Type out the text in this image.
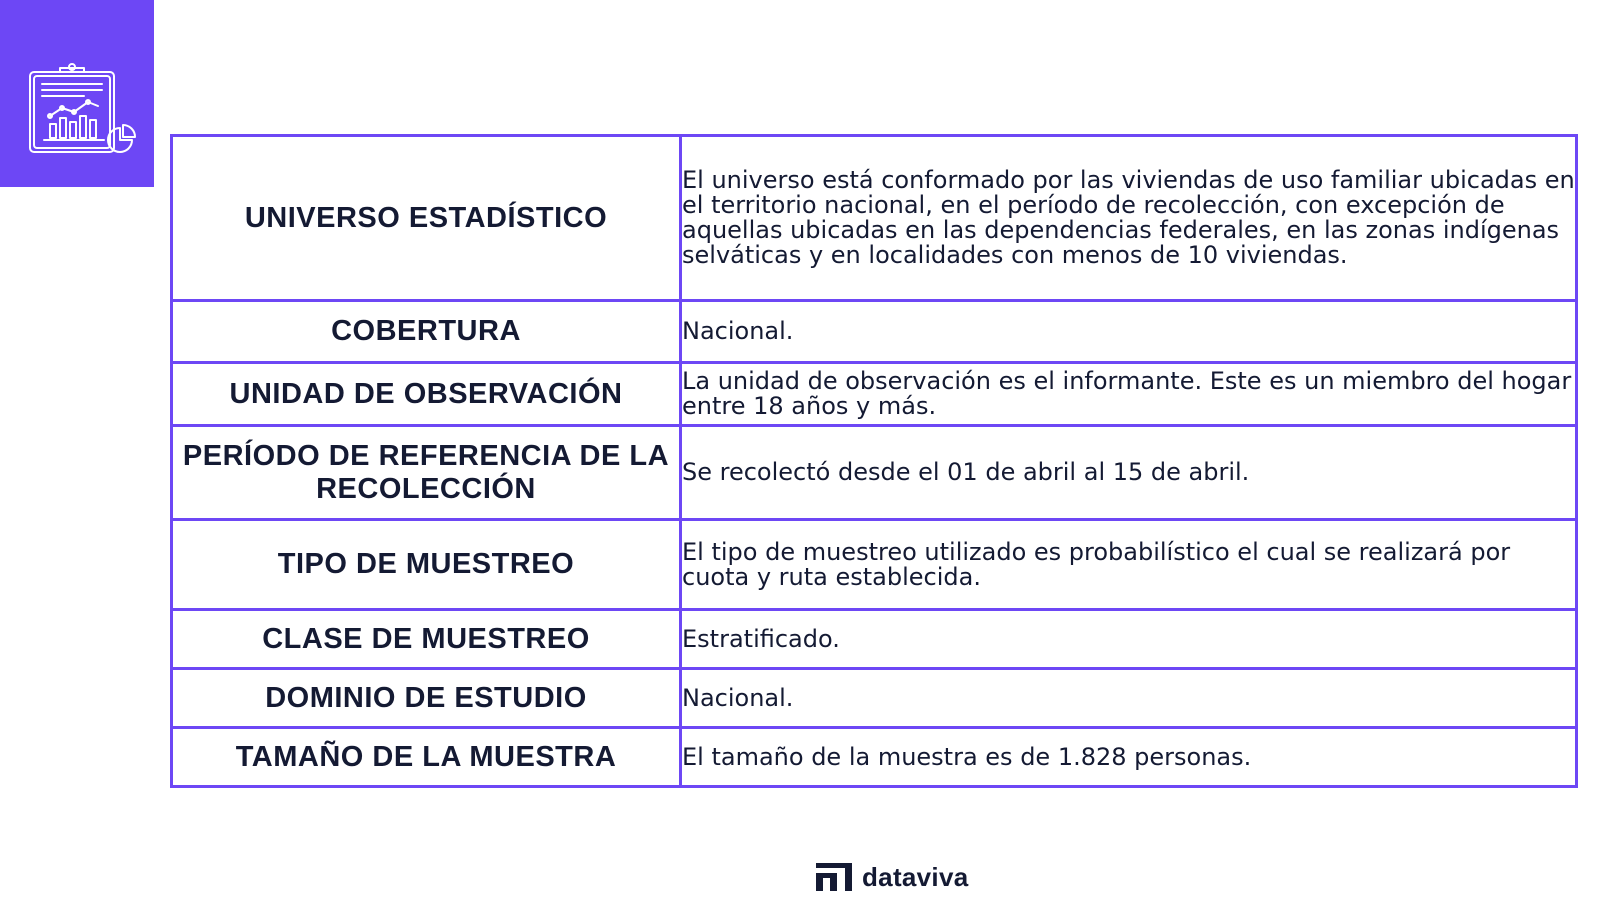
UNIVERSO ESTADÍSTICO	El universo está conformado por las viviendas de uso familiar ubicadas en el territorio nacional, en el período de recolección, con excepción de aquellas ubicadas en las dependencias federales, en las zonas indígenas selváticas y en localidades con menos de 10 viviendas.
COBERTURA	Nacional.
UNIDAD DE OBSERVACIÓN	La unidad de observación es el informante. Este es un miembro del hogar entre 18 años y más.
PERÍODO DE REFERENCIA DE LA RECOLECCIÓN	Se recolectó desde el 01 de abril al 15 de abril.
TIPO DE MUESTREO	El tipo de muestreo utilizado es probabilístico el cual se realizará por cuota y ruta establecida.
CLASE DE MUESTREO	Estratificado.
DOMINIO DE ESTUDIO	Nacional.
TAMAÑO DE LA MUESTRA	El tamaño de la muestra es de 1.828 personas.
dataviva
